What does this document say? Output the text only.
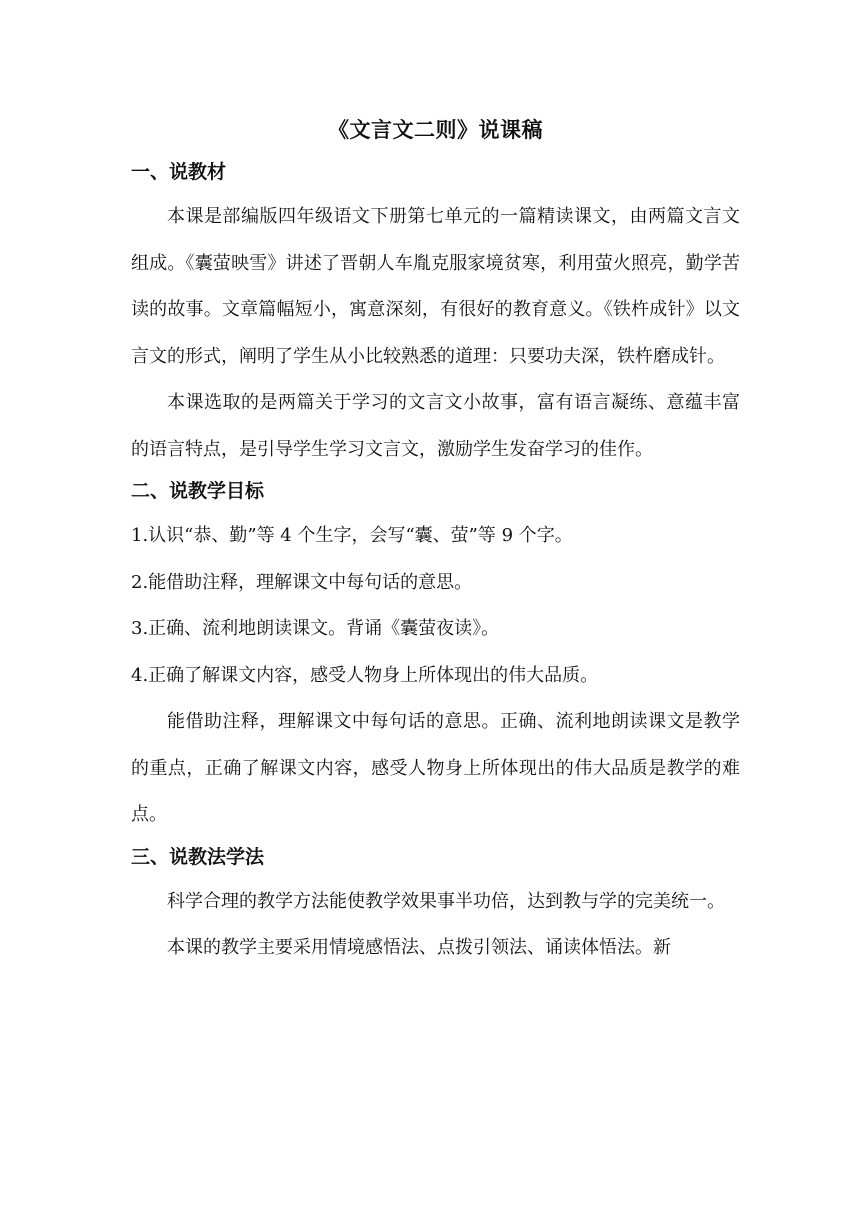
《文言文二则》说课稿
一、说教材

本课是部编版四年级语文下册第七单元的一篇精读课文，由两篇文言文组成。《囊萤映雪》讲述了晋朝人车胤克服家境贫寒，利用萤火照亮，勤学苦读的故事。文章篇幅短小，寓意深刻，有很好的教育意义。《铁杵成针》以文言文的形式，阐明了学生从小比较熟悉的道理：只要功夫深，铁杵磨成针。

本课选取的是两篇关于学习的文言文小故事，富有语言凝练、意蕴丰富的语言特点，是引导学生学习文言文，激励学生发奋学习的佳作。

二、说教学目标

1.认识“恭、勤”等 4 个生字，会写“囊、萤”等 9 个字。

2.能借助注释，理解课文中每句话的意思。

3.正确、流利地朗读课文。背诵《囊萤夜读》。

4.正确了解课文内容，感受人物身上所体现出的伟大品质。

能借助注释，理解课文中每句话的意思。正确、流利地朗读课文是教学的重点，正确了解课文内容，感受人物身上所体现出的伟大品质是教学的难点。

三、说教法学法

科学合理的教学方法能使教学效果事半功倍，达到教与学的完美统一。

本课的教学主要采用情境感悟法、点拨引领法、诵读体悟法。新
